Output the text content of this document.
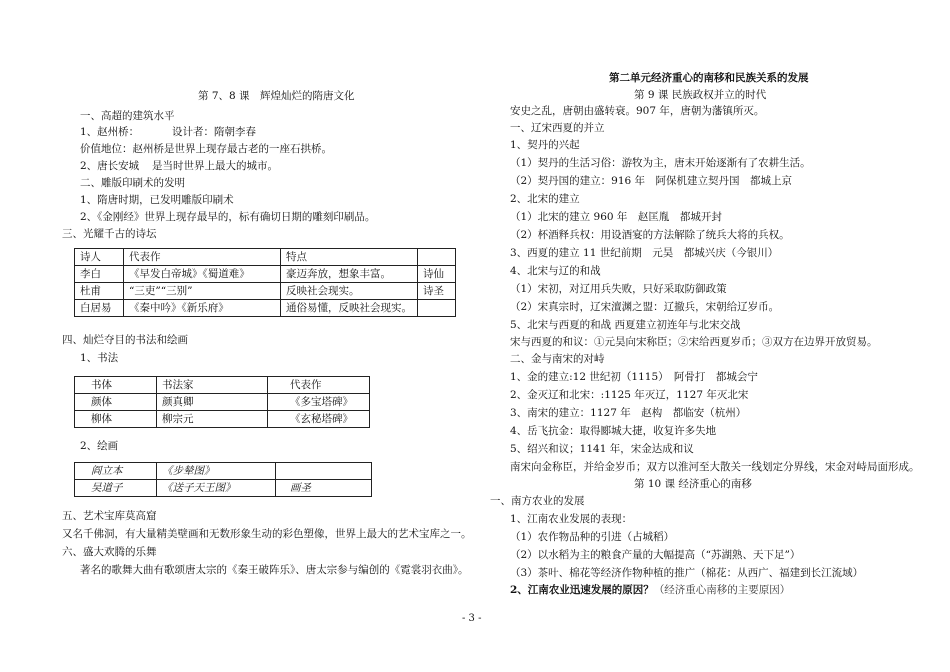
第 7、8 课　辉煌灿烂的隋唐文化
一、高超的建筑水平
1、赵州桥：	设计者：隋朝李春
价值地位：赵州桥是世界上现存最古老的一座石拱桥。
2、唐长安城 是当时世界上最大的城市。
二、雕版印刷术的发明
1、隋唐时期，已发明雕版印刷术
2、《金刚经》世界上现存最早的，标有确切日期的雕刻印刷品。
三、光耀千古的诗坛
诗人	代表作	特点	
李白	《早发白帝城》《蜀道难》	豪迈奔放，想象丰富。	诗仙
杜甫	“三吏”“三别”	反映社会现实。	诗圣
白居易	《秦中吟》《新乐府》	通俗易懂，反映社会现实。	
四、灿烂夺目的书法和绘画
1、书法
书体	书法家	代表作
颜体	颜真卿	《多宝塔碑》
柳体	柳宗元	《玄秘塔碑》
2、绘画
阎立本	《步辇图》	
吴道子	《送子天王图》	画圣
五、艺术宝库莫高窟
又名千佛洞，有大量精美壁画和无数形象生动的彩色塑像，世界上最大的艺术宝库之一。
六、盛大欢腾的乐舞
著名的歌舞大曲有歌颂唐太宗的《秦王破阵乐》、唐太宗参与编创的《霓裳羽衣曲》。
第二单元经济重心的南移和民族关系的发展
第 9 课 民族政权并立的时代
安史之乱，唐朝由盛转衰。907 年，唐朝为藩镇所灭。
一、辽宋西夏的并立
1、契丹的兴起
（1）契丹的生活习俗：游牧为主，唐末开始逐渐有了农耕生活。
（2）契丹国的建立：916 年　阿保机建立契丹国　都城上京
2、北宋的建立
（1）北宋的建立 960 年　赵匡胤　都城开封
（2）杯酒释兵权：用设酒宴的方法解除了统兵大将的兵权。
3、西夏的建立 11 世纪前期　元昊　都城兴庆（今银川）
4、北宋与辽的和战
（1）宋初，对辽用兵失败，只好采取防御政策
（2）宋真宗时，辽宋澶渊之盟：辽撤兵，宋朝给辽岁币。
5、北宋与西夏的和战 西夏建立初连年与北宋交战
宋与西夏的和议：①元昊向宋称臣；②宋给西夏岁币；③双方在边界开放贸易。
二、金与南宋的对峙
1、金的建立:12 世纪初（1115）　阿骨打　都城会宁
2、金灭辽和北宋：:1125 年灭辽，1127 年灭北宋
3、南宋的建立：1127 年　赵构　都临安（杭州）
4、岳飞抗金：取得郾城大捷，收复许多失地
5、绍兴和议；1141 年，宋金达成和议
南宋向金称臣，并给金岁币；双方以淮河至大散关一线划定分界线，宋金对峙局面形成。
第 10 课 经济重心的南移
一、南方农业的发展
1、江南农业发展的表现：
（1）农作物品种的引进（占城稻）
（2）以水稻为主的粮食产量的大幅提高（“苏湖熟、天下足”）
（3）茶叶、棉花等经济作物种植的推广（棉花：从西广、福建到长江流域）
2、江南农业迅速发展的原因？（经济重心南移的主要原因）
- 3 -
